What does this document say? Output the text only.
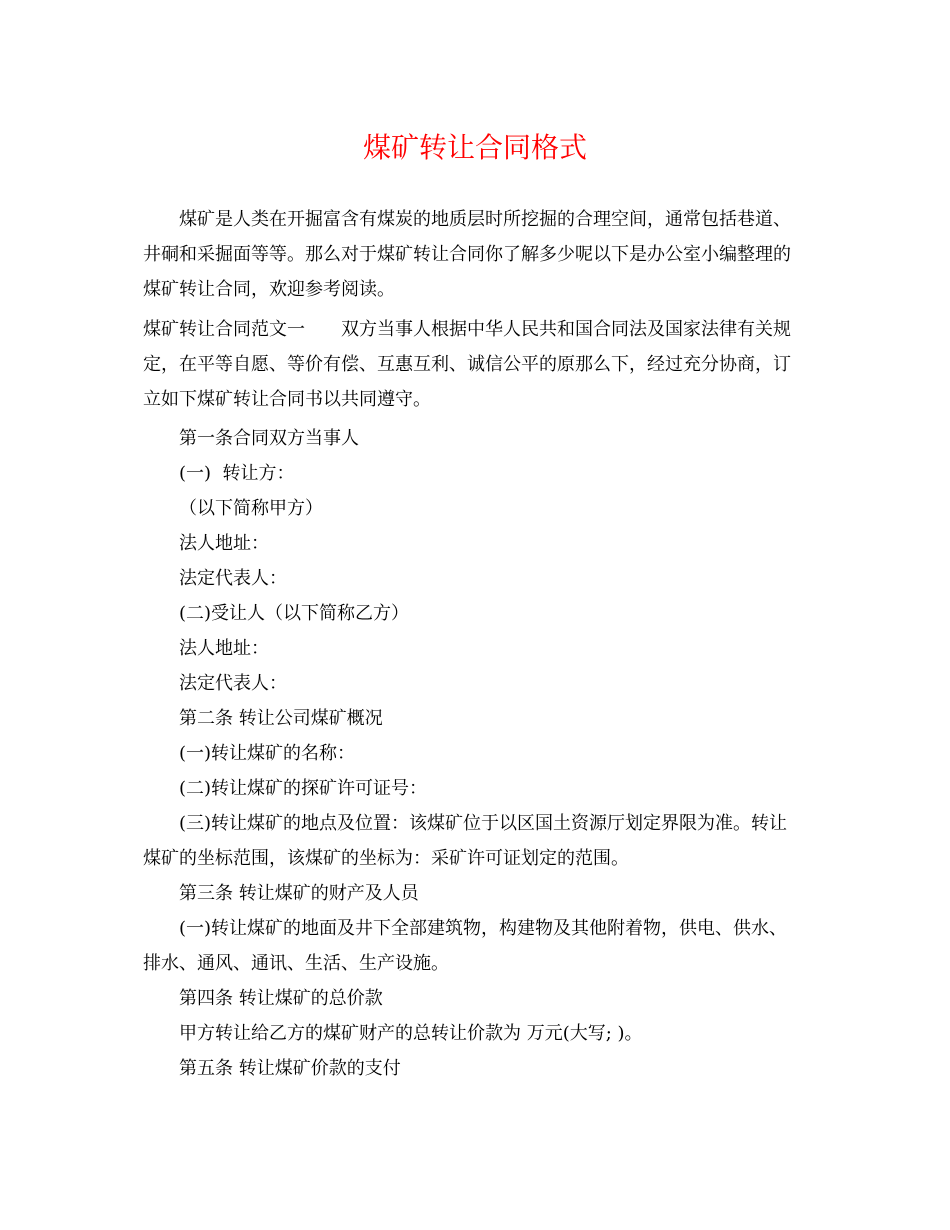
煤矿转让合同格式

煤矿是人类在开掘富含有煤炭的地质层时所挖掘的合理空间，通常包括巷道、井硐和采掘面等等。那么对于煤矿转让合同你了解多少呢以下是办公室小编整理的煤矿转让合同，欢迎参考阅读。

煤矿转让合同范文一　　双方当事人根据中华人民共和国合同法及国家法律有关规定，在平等自愿、等价有偿、互惠互利、诚信公平的原那么下，经过充分协商，订立如下煤矿转让合同书以共同遵守。

第一条合同双方当事人

(一)  转让方：

（以下简称甲方）

法人地址：

法定代表人：

(二)受让人（以下简称乙方）

法人地址：

法定代表人：

第二条 转让公司煤矿概况

(一)转让煤矿的名称：

(二)转让煤矿的探矿许可证号：

(三)转让煤矿的地点及位置：该煤矿位于以区国土资源厅划定界限为准。转让煤矿的坐标范围，该煤矿的坐标为：采矿许可证划定的范围。

第三条 转让煤矿的财产及人员

(一)转让煤矿的地面及井下全部建筑物，构建物及其他附着物，供电、供水、排水、通风、通讯、生活、生产设施。

第四条 转让煤矿的总价款

甲方转让给乙方的煤矿财产的总转让价款为 万元(大写; )。

第五条 转让煤矿价款的支付
